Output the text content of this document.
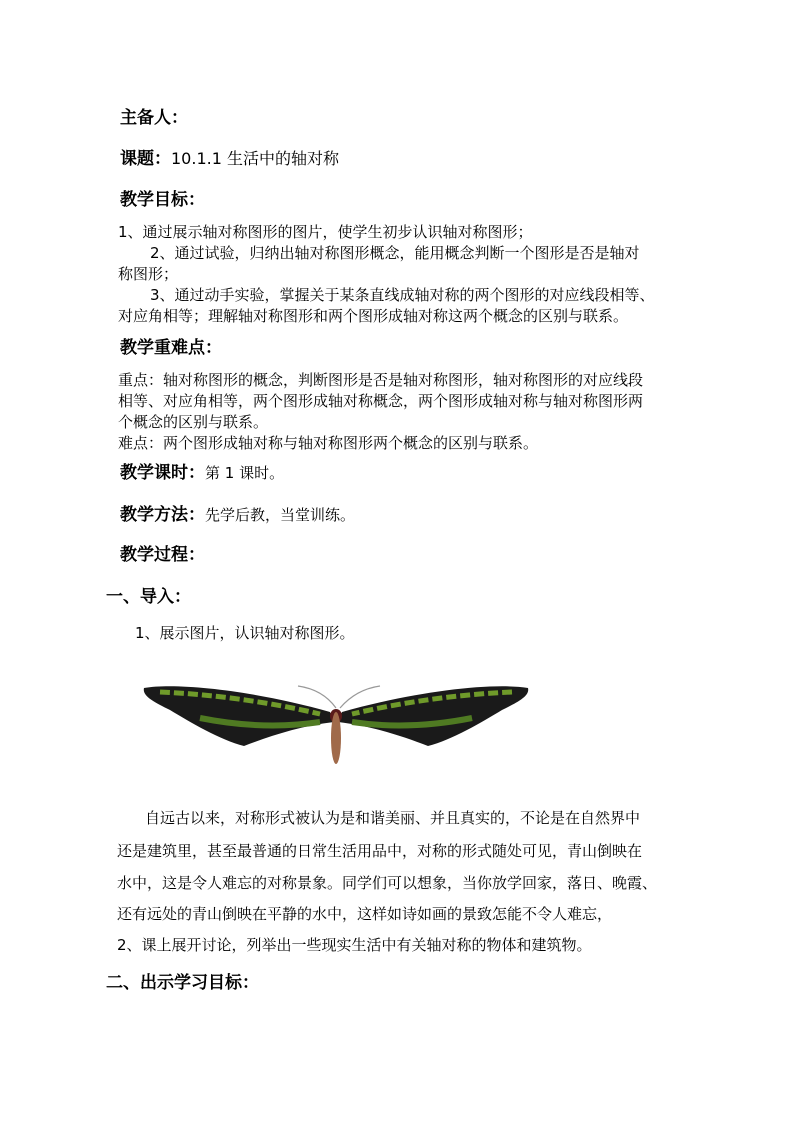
主备人：
课题：10.1.1 生活中的轴对称
教学目标：
1、通过展示轴对称图形的图片，使学生初步认识轴对称图形；
2、通过试验，归纳出轴对称图形概念，能用概念判断一个图形是否是轴对
称图形；
3、通过动手实验，掌握关于某条直线成轴对称的两个图形的对应线段相等、
对应角相等；理解轴对称图形和两个图形成轴对称这两个概念的区别与联系。
教学重难点：
重点：轴对称图形的概念，判断图形是否是轴对称图形，轴对称图形的对应线段
相等、对应角相等，两个图形成轴对称概念，两个图形成轴对称与轴对称图形两
个概念的区别与联系。
难点：两个图形成轴对称与轴对称图形两个概念的区别与联系。
教学课时：第 1 课时。
教学方法：先学后教，当堂训练。
教学过程：
一、导入：
1、展示图片，认识轴对称图形。
自远古以来，对称形式被认为是和谐美丽、并且真实的，不论是在自然界中
还是建筑里，甚至最普通的日常生活用品中，对称的形式随处可见，青山倒映在
水中，这是令人难忘的对称景象。同学们可以想象，当你放学回家，落日、晚霞、
还有远处的青山倒映在平静的水中，这样如诗如画的景致怎能不令人难忘，
2、课上展开讨论，列举出一些现实生活中有关轴对称的物体和建筑物。
二、出示学习目标：
